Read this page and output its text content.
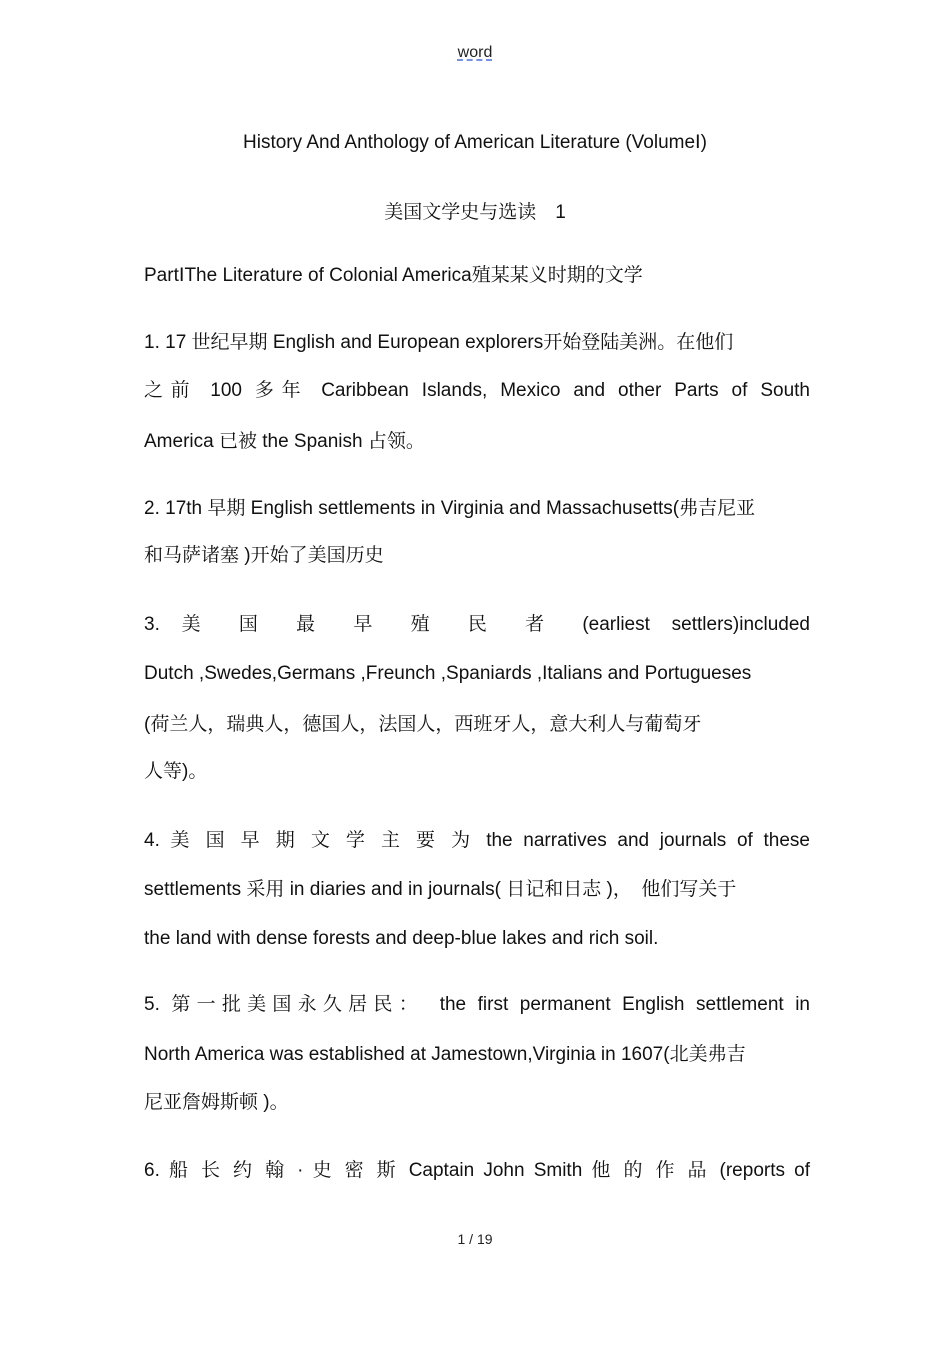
word
History And Anthology of American Literature (VolumeⅠ)
美国文学史与选读　1
PartⅠThe Literature of Colonial America殖某某义时期的文学
1. 17 世纪早期 English and European explorers开始登陆美洲。在他们
之前 100 多年 Caribbean Islands, Mexico and other Parts of South
America 已被 the Spanish 占领。
2. 17th 早期 English settlements in Virginia and Massachusetts(弗吉尼亚
和马萨诸塞 )开始了美国历史
3. 美 国 最 早 殖 民 者 (earliest settlers)included
Dutch ,Swedes,Germans ,Freunch ,Spaniards ,Italians and Portugueses
(荷兰人，瑞典人，德国人，法国人，西班牙人，意大利人与葡萄牙
人等)。
4. 美 国 早 期 文 学 主 要 为 the narratives and journals of these
settlements 采用 in diaries and in journals( 日记和日志 )，　他们写关于
the land with dense forests and deep-blue lakes and rich soil.
5. 第一批美国永久居民：　the first permanent English settlement in
North America was established at Jamestown,Virginia in 1607(北美弗吉
尼亚詹姆斯顿 )。
6. 船 长 约 翰 · 史 密 斯 Captain John Smith 他 的 作 品 (reports of
1 / 19
